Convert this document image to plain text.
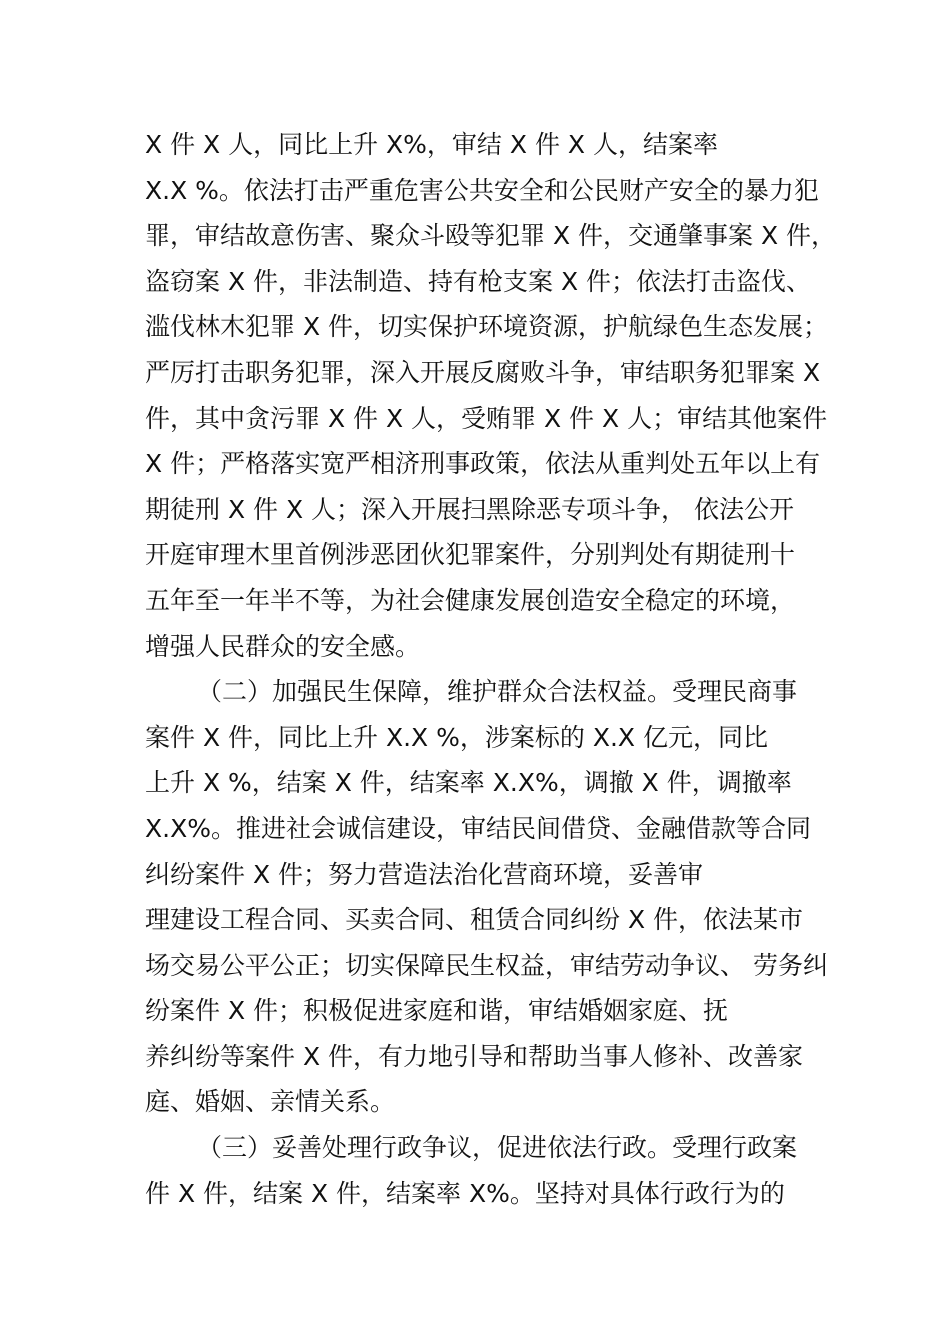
X 件 X 人，同比上升 X%，审结 X 件 X 人，结案率
X.X %。依法打击严重危害公共安全和公民财产安全的暴力犯
罪，审结故意伤害、聚众斗殴等犯罪 X 件，交通肇事案 X 件，
盗窃案 X 件，非法制造、持有枪支案 X 件；依法打击盗伐、
滥伐林木犯罪 X 件，切实保护环境资源，护航绿色生态发展；
严厉打击职务犯罪，深入开展反腐败斗争，审结职务犯罪案 X
件，其中贪污罪 X 件 X 人，受贿罪 X 件 X 人；审结其他案件
X 件；严格落实宽严相济刑事政策，依法从重判处五年以上有
期徒刑 X 件 X 人；深入开展扫黑除恶专项斗争， 依法公开
开庭审理木里首例涉恶团伙犯罪案件，分别判处有期徒刑十
五年至一年半不等，为社会健康发展创造安全稳定的环境，
增强人民群众的安全感。
（二）加强民生保障，维护群众合法权益。受理民商事
案件 X 件，同比上升 X.X %，涉案标的 X.X 亿元，同比
上升 X %，结案 X 件，结案率 X.X%，调撤 X 件，调撤率
X.X%。推进社会诚信建设，审结民间借贷、金融借款等合同
纠纷案件 X 件；努力营造法治化营商环境，妥善审
理建设工程合同、买卖合同、租赁合同纠纷 X 件，依法某市
场交易公平公正；切实保障民生权益，审结劳动争议、 劳务纠
纷案件 X 件；积极促进家庭和谐，审结婚姻家庭、抚
养纠纷等案件 X 件，有力地引导和帮助当事人修补、改善家
庭、婚姻、亲情关系。
（三）妥善处理行政争议，促进依法行政。受理行政案
件 X 件，结案 X 件，结案率 X%。坚持对具体行政行为的
